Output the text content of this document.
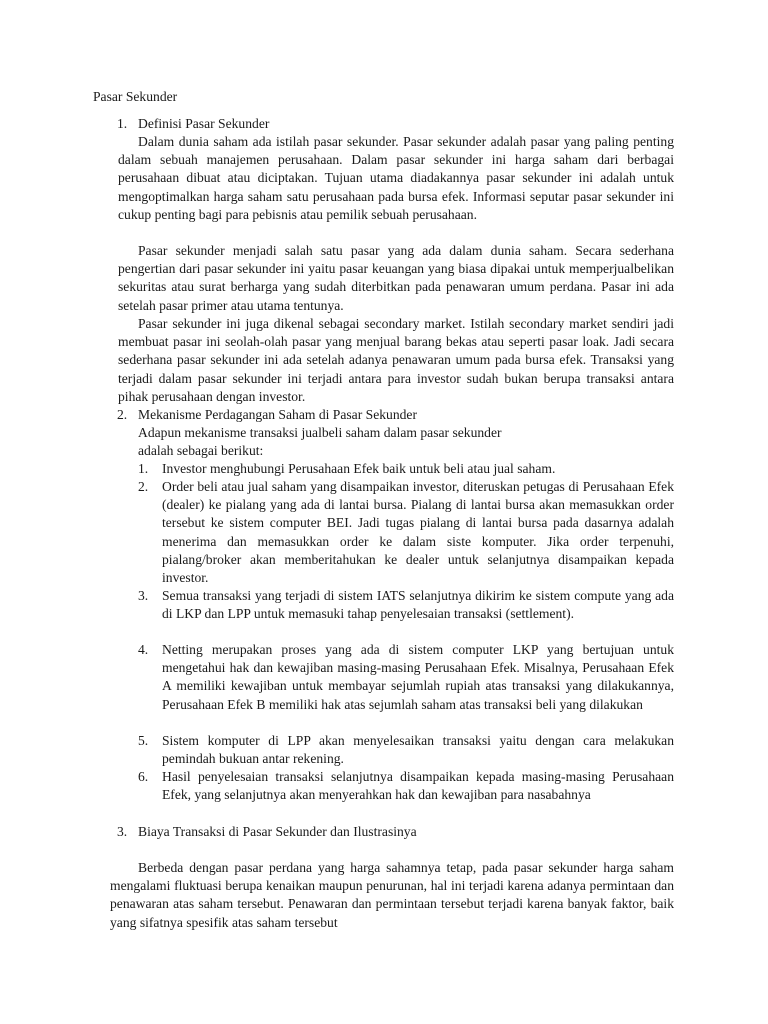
Pasar Sekunder
1. Definisi Pasar Sekunder
Dalam dunia saham ada istilah pasar sekunder. Pasar sekunder adalah pasar yang paling penting dalam sebuah manajemen perusahaan. Dalam pasar sekunder ini harga saham dari berbagai perusahaan dibuat atau diciptakan. Tujuan utama diadakannya pasar sekunder ini adalah untuk mengoptimalkan harga saham satu perusahaan pada bursa efek. Informasi seputar pasar sekunder ini cukup penting bagi para pebisnis atau pemilik sebuah perusahaan.
Pasar sekunder menjadi salah satu pasar yang ada dalam dunia saham. Secara sederhana pengertian dari pasar sekunder ini yaitu pasar keuangan yang biasa dipakai untuk memperjualbelikan sekuritas atau surat berharga yang sudah diterbitkan pada penawaran umum perdana. Pasar ini ada setelah pasar primer atau utama tentunya.
Pasar sekunder ini juga dikenal sebagai secondary market. Istilah secondary market sendiri jadi membuat pasar ini seolah-olah pasar yang menjual barang bekas atau seperti pasar loak. Jadi secara sederhana pasar sekunder ini ada setelah adanya penawaran umum pada bursa efek. Transaksi yang terjadi dalam pasar sekunder ini terjadi antara para investor sudah bukan berupa transaksi antara pihak perusahaan dengan investor.
2. Mekanisme Perdagangan Saham di Pasar Sekunder
Adapun mekanisme transaksi jualbeli saham dalam pasar sekunder
adalah sebagai berikut:
1.	Investor menghubungi Perusahaan Efek baik untuk beli atau jual saham.
2.	Order beli atau jual saham yang disampaikan investor, diteruskan petugas di Perusahaan Efek (dealer) ke pialang yang ada di lantai bursa. Pialang di lantai bursa akan memasukkan order tersebut ke sistem computer BEI. Jadi tugas pialang di lantai bursa pada dasarnya adalah menerima dan memasukkan order ke dalam siste komputer. Jika order terpenuhi, pialang/broker akan memberitahukan ke dealer untuk selanjutnya disampaikan kepada investor.
3.	Semua transaksi yang terjadi di sistem IATS selanjutnya dikirim ke sistem compute yang ada di LKP dan LPP untuk memasuki tahap penyelesaian transaksi (settlement).
4.	Netting merupakan proses yang ada di sistem computer LKP yang bertujuan untuk mengetahui hak dan kewajiban masing-masing Perusahaan Efek. Misalnya, Perusahaan Efek A memiliki kewajiban untuk membayar sejumlah rupiah atas transaksi yang dilakukannya, Perusahaan Efek B memiliki hak atas sejumlah saham atas transaksi beli yang dilakukan
5.	Sistem komputer di LPP akan menyelesaikan transaksi yaitu dengan cara melakukan pemindah bukuan antar rekening.
6.	Hasil penyelesaian transaksi selanjutnya disampaikan kepada masing-masing Perusahaan Efek, yang selanjutnya akan menyerahkan hak dan kewajiban para nasabahnya
3. Biaya Transaksi di Pasar Sekunder dan Ilustrasinya
Berbeda dengan pasar perdana yang harga sahamnya tetap, pada pasar sekunder harga saham mengalami fluktuasi berupa kenaikan maupun penurunan, hal ini terjadi karena adanya permintaan dan penawaran atas saham tersebut. Penawaran dan permintaan tersebut terjadi karena banyak faktor, baik yang sifatnya spesifik atas saham tersebut
